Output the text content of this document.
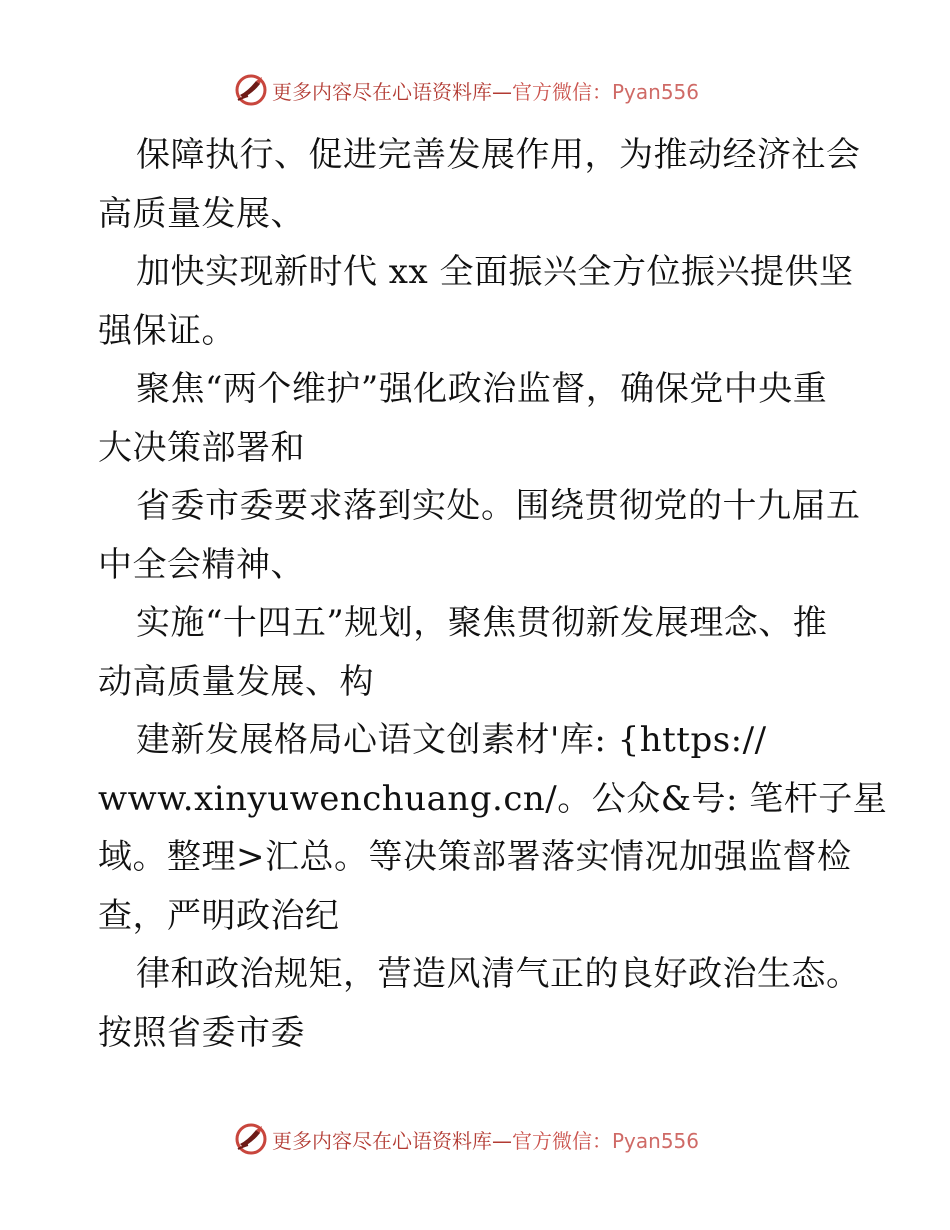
更多内容尽在心语资料库—官方微信：Pyan556
保障执行、促进完善发展作用，为推动经济社会
高质量发展、
加快实现新时代 xx 全面振兴全方位振兴提供坚
强保证。
聚焦“两个维护”强化政治监督，确保党中央重
大决策部署和
省委市委要求落到实处。围绕贯彻党的十九届五
中全会精神、
实施“十四五”规划，聚焦贯彻新发展理念、推
动高质量发展、构
建新发展格局心语文创素材'库: {https://
www.xinyuwenchuang.cn/。公众&号: 笔杆子星
域。整理>汇总。等决策部署落实情况加强监督检
查，严明政治纪
律和政治规矩，营造风清气正的良好政治生态。
按照省委市委
更多内容尽在心语资料库—官方微信：Pyan556
